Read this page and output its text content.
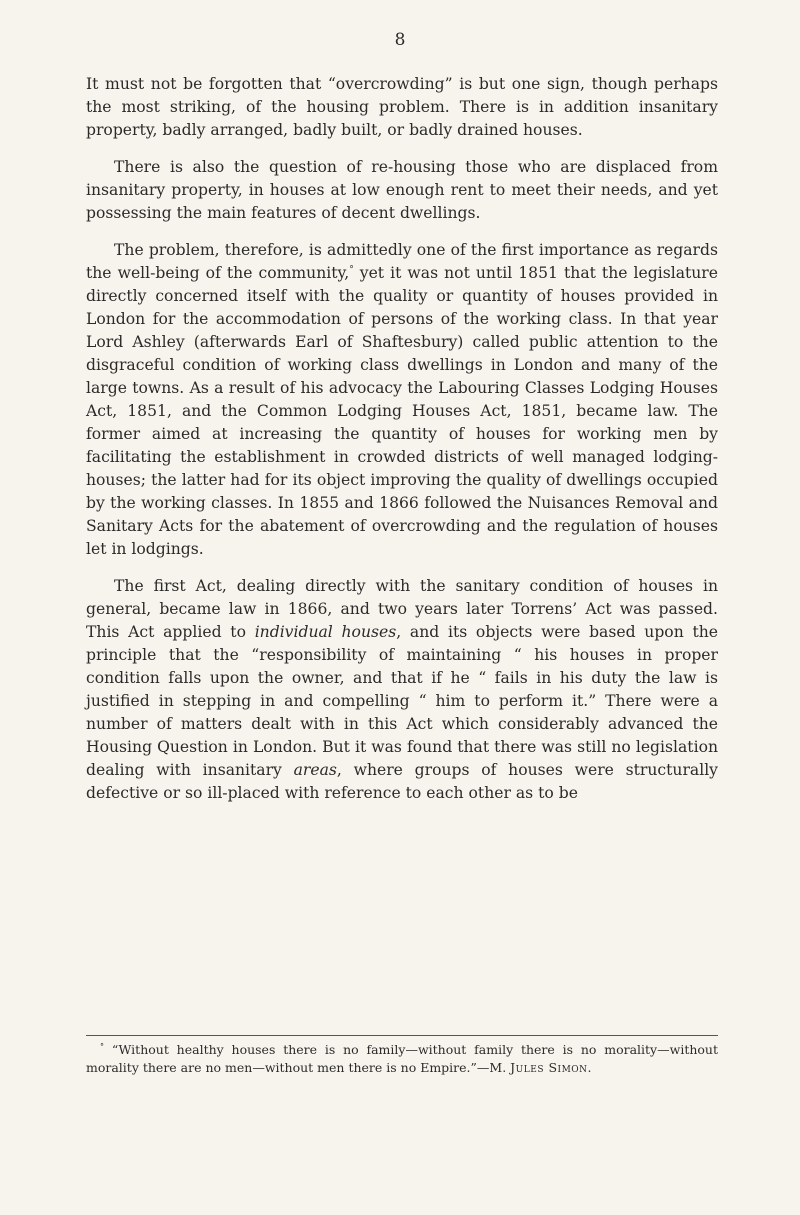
8

It must not be forgotten that “overcrowding” is but one sign, though perhaps the most striking, of the housing problem. There is in addition insanitary property, badly arranged, badly built, or badly drained houses.

There is also the question of re-housing those who are displaced from insanitary property, in houses at low enough rent to meet their needs, and yet possessing the main features of decent dwellings.

The problem, therefore, is admittedly one of the first importance as regards the well-being of the community,° yet it was not until 1851 that the legislature directly concerned itself with the quality or quantity of houses provided in London for the accommodation of persons of the working class. In that year Lord Ashley (afterwards Earl of Shaftesbury) called public attention to the disgraceful condition of working class dwellings in London and many of the large towns. As a result of his advocacy the Labouring Classes Lodging Houses Act, 1851, and the Common Lodging Houses Act, 1851, became law. The former aimed at increasing the quantity of houses for working men by facilitating the establishment in crowded districts of well managed lodging-houses; the latter had for its object improving the quality of dwellings occupied by the working classes. In 1855 and 1866 followed the Nuisances Removal and Sanitary Acts for the abatement of overcrowding and the regulation of houses let in lodgings.

The first Act, dealing directly with the sanitary condition of houses in general, became law in 1866, and two years later Torrens’ Act was passed. This Act applied to individual houses, and its objects were based upon the principle that the “responsibility of maintaining “ his houses in proper condition falls upon the owner, and that if he “ fails in his duty the law is justified in stepping in and compelling “ him to perform it.” There were a number of matters dealt with in this Act which considerably advanced the Housing Question in London. But it was found that there was still no legislation dealing with insanitary areas, where groups of houses were structurally defective or so ill-placed with reference to each other as to be

° “Without healthy houses there is no family—without family there is no morality—without morality there are no men—without men there is no Empire.”—M. Jules Simon.
